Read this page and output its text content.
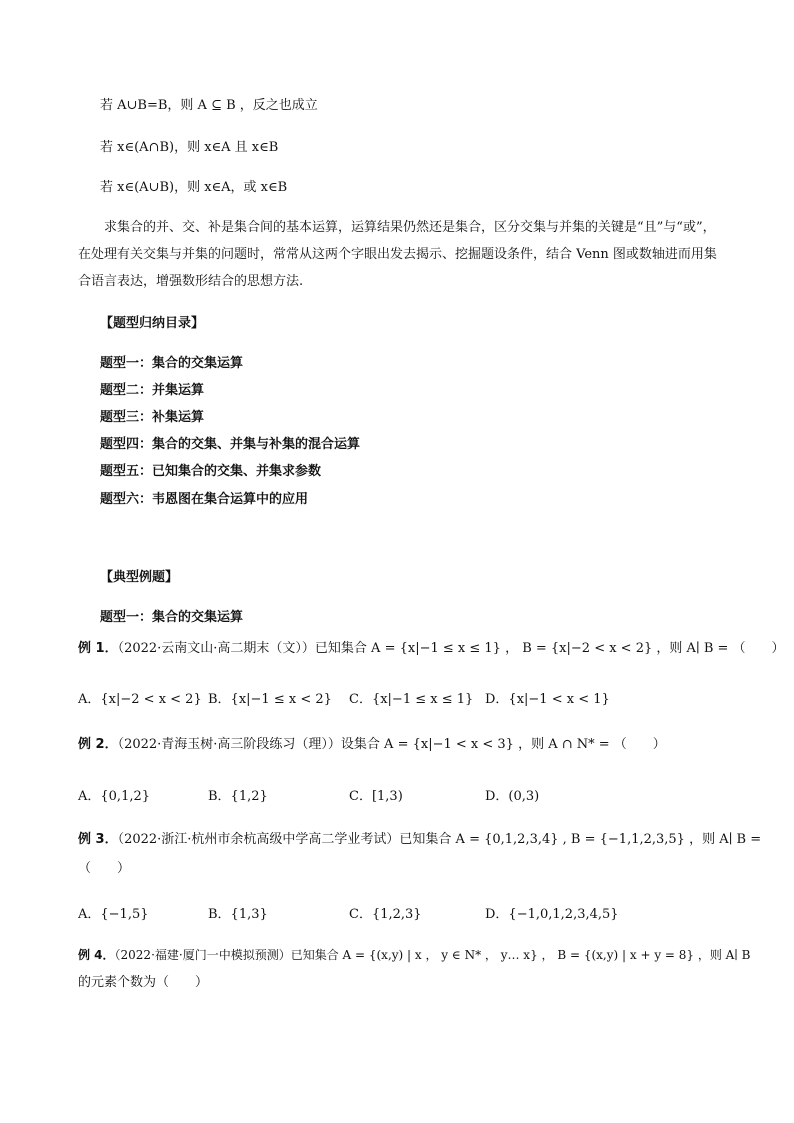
若 A∪B=B，则 A ⊆ B ，反之也成立
若 x∈(A∩B)，则 x∈A 且 x∈B
若 x∈(A∪B)，则 x∈A，或 x∈B
求集合的并、交、补是集合间的基本运算，运算结果仍然还是集合，区分交集与并集的关键是“且”与“或”，在处理有关交集与并集的问题时，常常从这两个字眼出发去揭示、挖掘题设条件，结合 Venn 图或数轴进而用集合语言表达，增强数形结合的思想方法.
【题型归纳目录】
题型一：集合的交集运算
题型二：并集运算
题型三：补集运算
题型四：集合的交集、并集与补集的混合运算
题型五：已知集合的交集、并集求参数
题型六：韦恩图在集合运算中的应用
【典型例题】
题型一：集合的交集运算
例 1．（2022·云南文山·高二期末（文））已知集合 A = {x|−1 ≤ x ≤ 1} ， B = {x|−2 < x < 2} ，则 A∣ B = （　　）
A．{x|−2 < x < 2} B．{x|−1 ≤ x < 2} C．{x|−1 ≤ x ≤ 1} D．{x|−1 < x < 1}
例 2．（2022·青海玉树·高三阶段练习（理））设集合 A = {x|−1 < x < 3} ，则 A ∩ N* = （　　）
A．{0,1,2}	B．{1,2}	C．[1,3)	D．(0,3)
例 3．（2022·浙江·杭州市余杭高级中学高二学业考试）已知集合 A = {0,1,2,3,4} , B = {−1,1,2,3,5} ，则 A∣ B =
（　　）
A．{−1,5}	B．{1,3}	C．{1,2,3}	D．{−1,0,1,2,3,4,5}
例 4．（2022·福建·厦门一中模拟预测）已知集合 A = {(x,y) | x ， y ∈ N* ， y… x} ， B = {(x,y) | x + y = 8} ，则 A∣ B
的元素个数为（　　）
